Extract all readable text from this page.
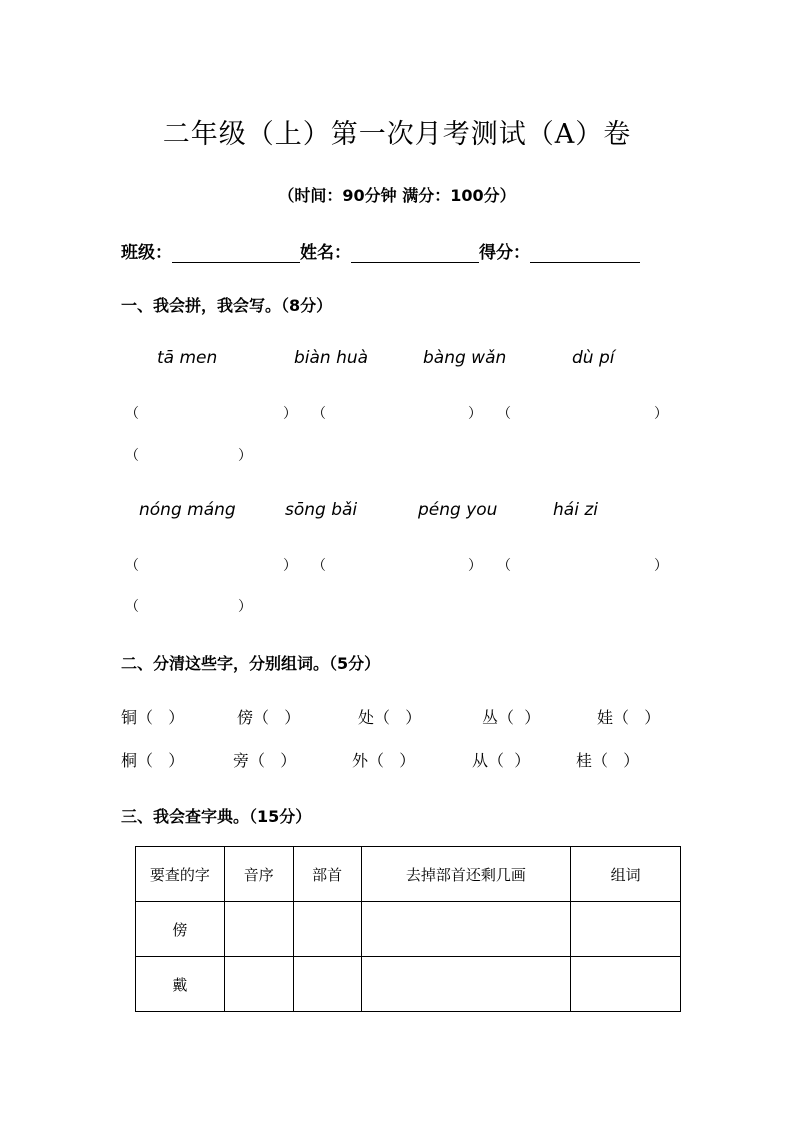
二年级（上）第一次月考测试（A）卷
（时间：90分钟 满分：100分）
班级：	姓名：	得分：
一、我会拼，我会写。（8分）
tā men	biàn huà	bàng wǎn	dù pí
（	） （	） （	）
（	）
nóng máng	sōng bǎi	péng you	hái zi
（	） （	） （	）
（	）
二、分清这些字，分别组词。（5分）
铜（ ）	傍（ ）	处（ ）	丛（ ）	娃（ ）
桐（ ）	旁（ ）	外（ ）	从（ ）	桂（ ）
三、我会查字典。（15分）
要查的字	音序	部首	去掉部首还剩几画	组词
傍				
戴				
